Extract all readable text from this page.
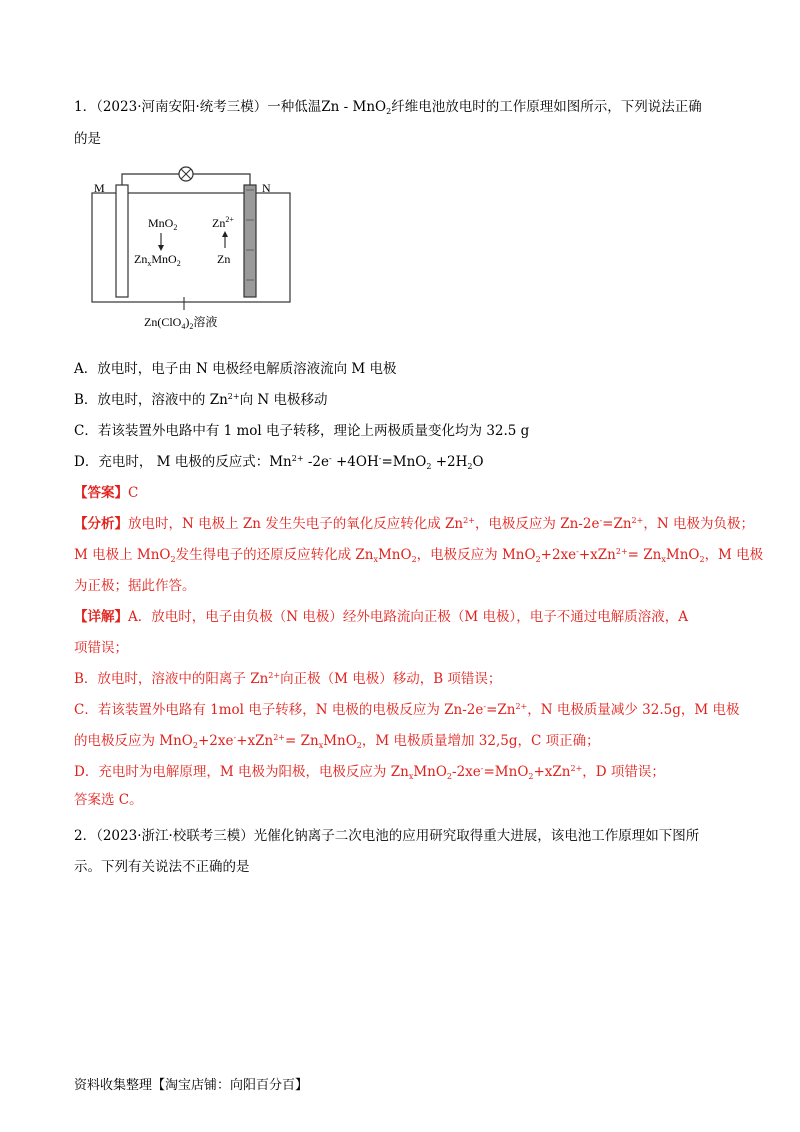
1．（2023·河南安阳·统考三模）一种低温Zn - MnO$_2$纤维电池放电时的工作原理如图所示，下列说法正确
的是
M	N
MnO$_2$
$Zn_xMnO_2$
$Zn^{2+}$
Zn
$Zn(ClO_4)_2$溶液
A．放电时，电子由 N 电极经电解质溶液流向 M 电极
B．放电时，溶液中的 $Zn^{2+}$向 N 电极移动
C．若该装置外电路中有 1 mol 电子转移，理论上两极质量变化均为 32.5 g
D．充电时， M 电极的反应式：$Mn^{2+}$ $-2e^- +4OH^-=MnO_2 +2H_2O$
【答案】C
【分析】放电时，N 电极上 Zn 发生失电子的氧化反应转化成 $Zn^{2+}$，电极反应为 $Zn-2e^-=Zn^{2+}$，N 电极为负极；
M 电极上 MnO$_2$发生得电子的还原反应转化成 $Zn_xMnO_2$，电极反应为 $MnO_2+2xe^-+xZn^{2+}= Zn_xMnO_2$，M 电极
为正极；据此作答。
【详解】A．放电时，电子由负极（N 电极）经外电路流向正极（M 电极），电子不通过电解质溶液，A
项错误；
B．放电时，溶液中的阳离子 $Zn^{2+}$向正极（M 电极）移动，B 项错误；
C．若该装置外电路有 1mol 电子转移，N 电极的电极反应为 $Zn-2e^-=Zn^{2+}$，N 电极质量减少 32.5g，M 电极
的电极反应为 $MnO_2+2xe^-+xZn^{2+}= Zn_xMnO_2$，M 电极质量增加 32,5g，C 项正确；
D．充电时为电解原理，M 电极为阳极，电极反应为 $Zn_xMnO_2-2xe^-=MnO_2+xZn^{2+}$，D 项错误；
答案选 C。
2．（2023·浙江·校联考三模）光催化钠离子二次电池的应用研究取得重大进展，该电池工作原理如下图所
示。下列有关说法不正确的是
资料收集整理【淘宝店铺：向阳百分百】
